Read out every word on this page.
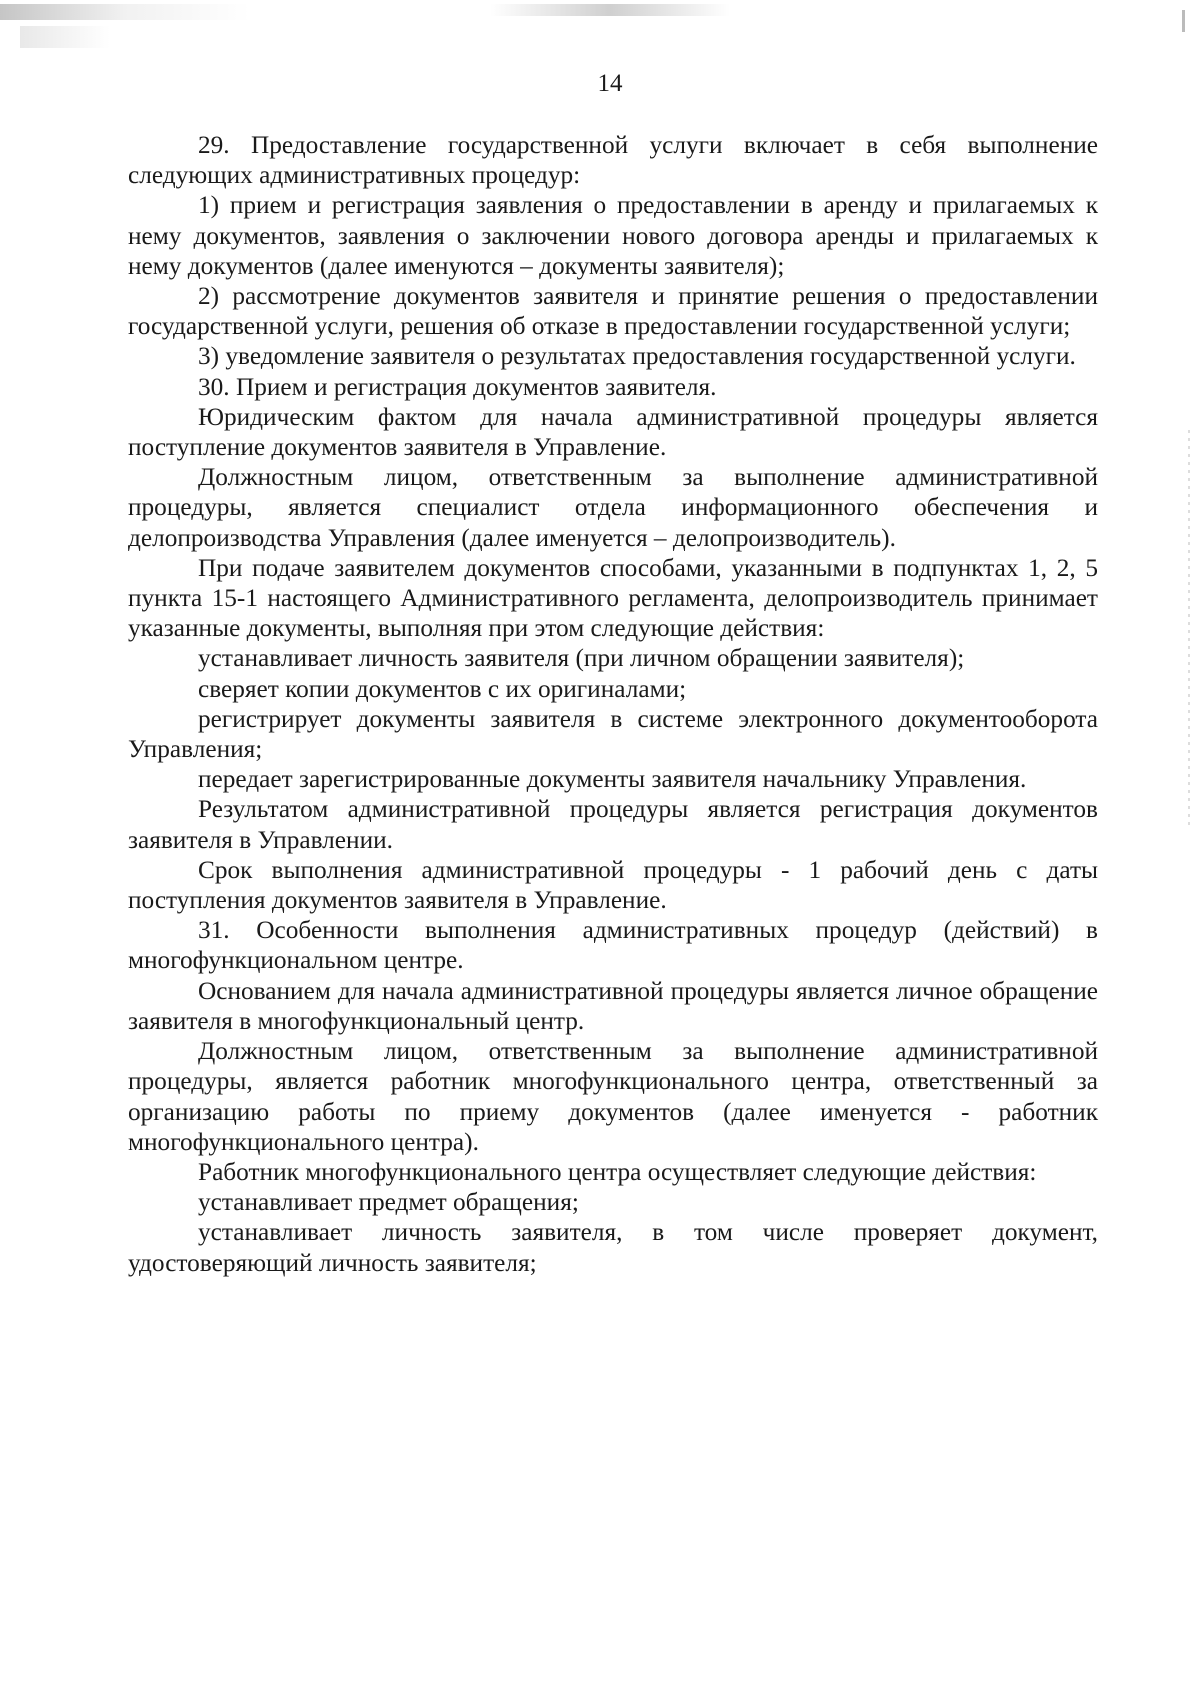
14

29. Предоставление государственной услуги включает в себя выполнение следующих административных процедур:

1) прием и регистрация заявления о предоставлении в аренду и прилагаемых к нему документов, заявления о заключении нового договора аренды и прилагаемых к нему документов (далее именуются – документы заявителя);

2) рассмотрение документов заявителя и принятие решения о предоставлении государственной услуги, решения об отказе в предоставлении государственной услуги;

3) уведомление заявителя о результатах предоставления государственной услуги.

30. Прием и регистрация документов заявителя.

Юридическим фактом для начала административной процедуры является поступление документов заявителя в Управление.

Должностным лицом, ответственным за выполнение административной процедуры, является специалист отдела информационного обеспечения и делопроизводства Управления (далее именуется – делопроизводитель).

При подаче заявителем документов способами, указанными в подпунктах 1, 2, 5 пункта 15-1 настоящего Административного регламента, делопроизводитель принимает указанные документы, выполняя при этом следующие действия:

устанавливает личность заявителя (при личном обращении заявителя);

сверяет копии документов с их оригиналами;

регистрирует документы заявителя в системе электронного документооборота Управления;

передает зарегистрированные документы заявителя начальнику Управления.

Результатом административной процедуры является регистрация документов заявителя в Управлении.

Срок выполнения административной процедуры - 1 рабочий день с даты поступления документов заявителя в Управление.

31. Особенности выполнения административных процедур (действий) в многофункциональном центре.

Основанием для начала административной процедуры является личное обращение заявителя в многофункциональный центр.

Должностным лицом, ответственным за выполнение административной процедуры, является работник многофункционального центра, ответственный за организацию работы по приему документов (далее именуется - работник многофункционального центра).

Работник многофункционального центра осуществляет следующие действия:

устанавливает предмет обращения;

устанавливает личность заявителя, в том числе проверяет документ, удостоверяющий личность заявителя;
